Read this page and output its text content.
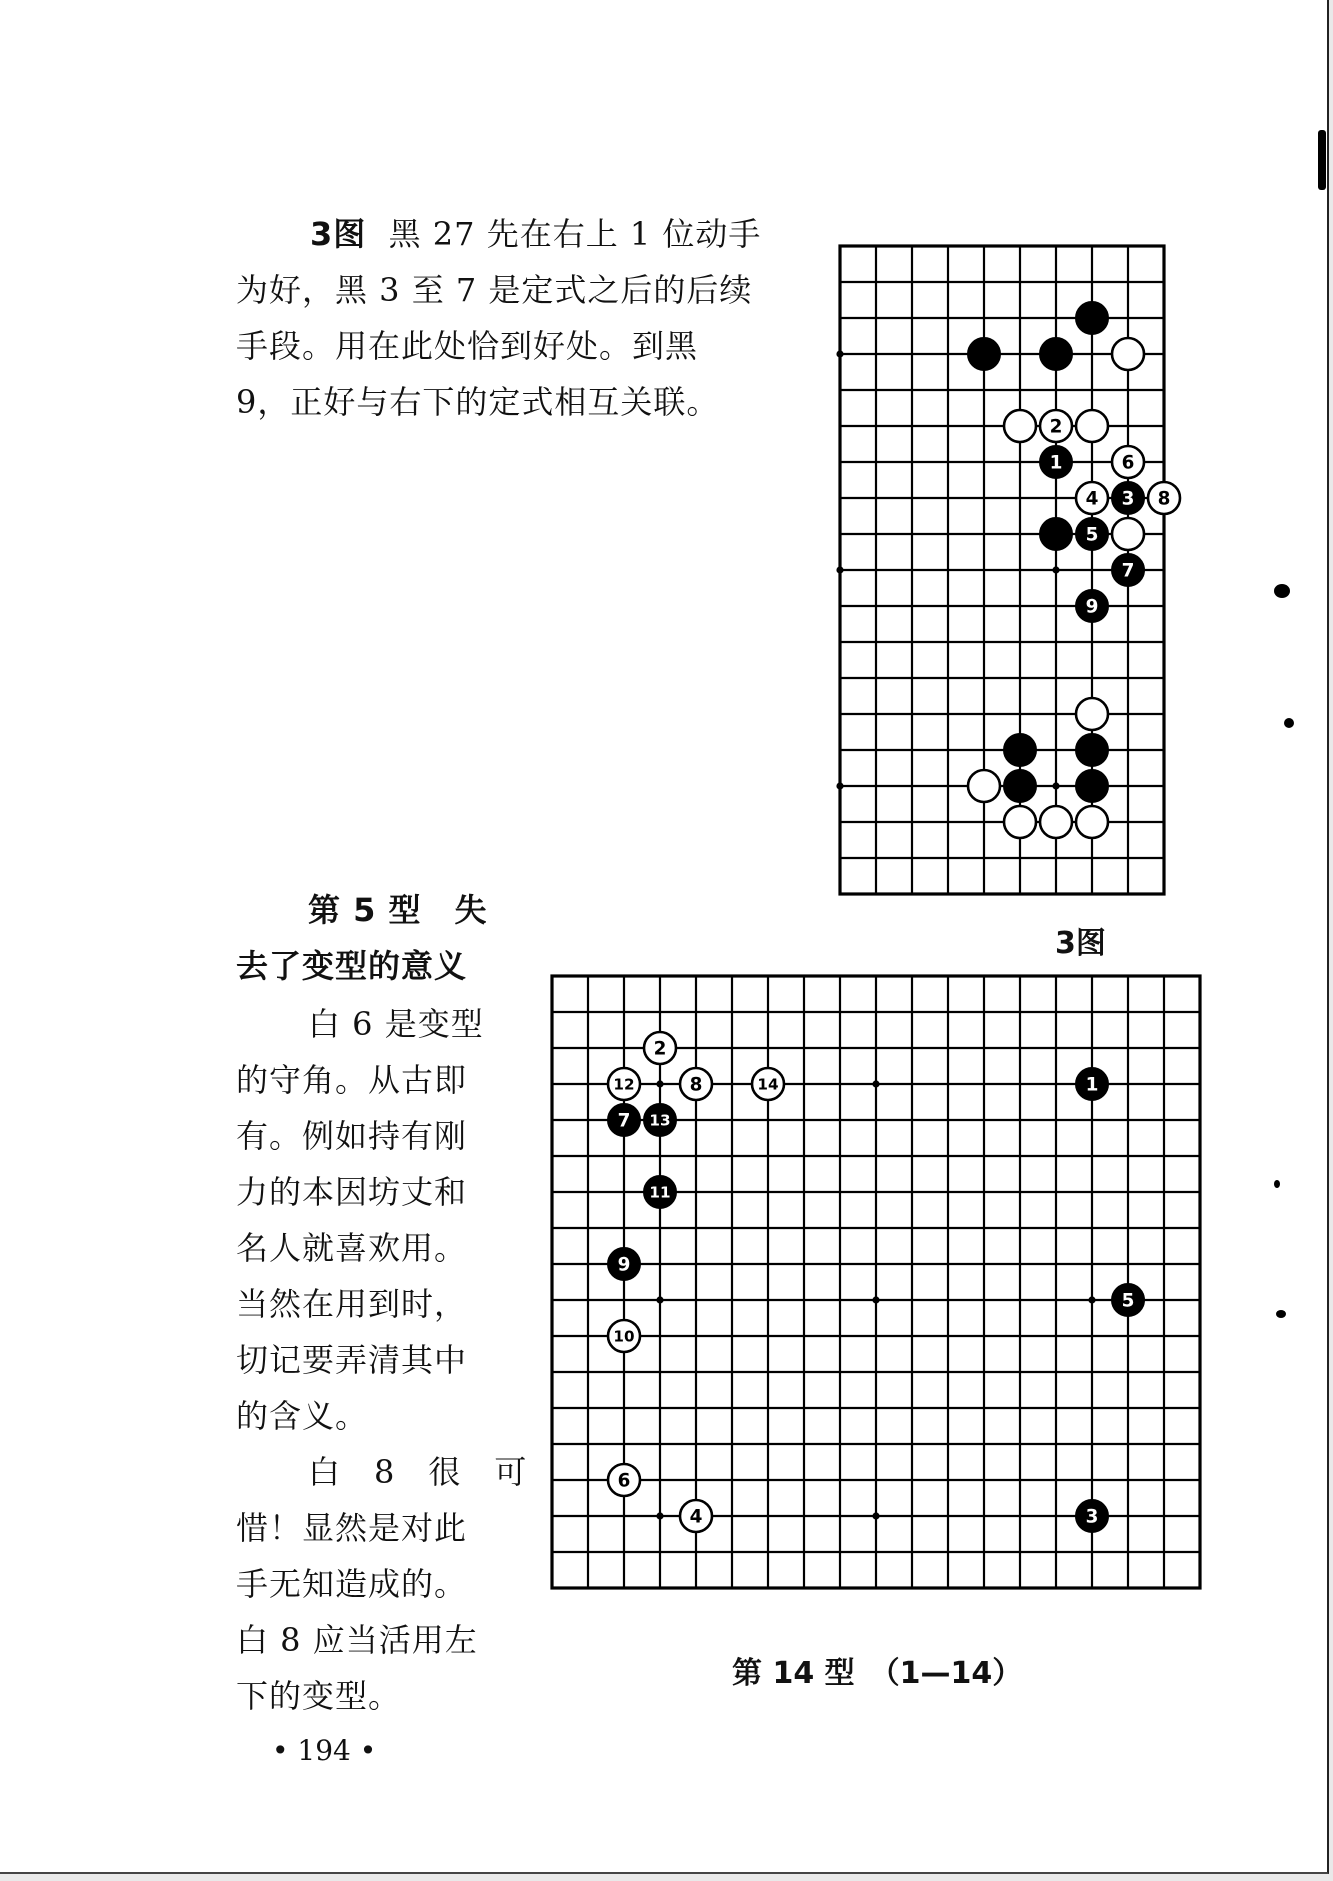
3图 黑 27 先在右上 1 位动手
为好，黑 3 至 7 是定式之后的后续
手段。用在此处恰到好处。到黑
9，正好与右下的定式相互关联。
2
1	6
4 3 8
5
7
9
3图
第 5 型　失
去了变型的意义
白 6 是变型
的守角。从古即
有。例如持有刚
力的本因坊丈和
名人就喜欢用。
当然在用到时，
切记要弄清其中
的含义。
白　8　很　可
惜！显然是对此
手无知造成的。
白 8 应当活用左
下的变型。
2
12	8	14	1
7 13
11
9
5
10
6
4	3
第 14 型　（1—14）
• 194 •
